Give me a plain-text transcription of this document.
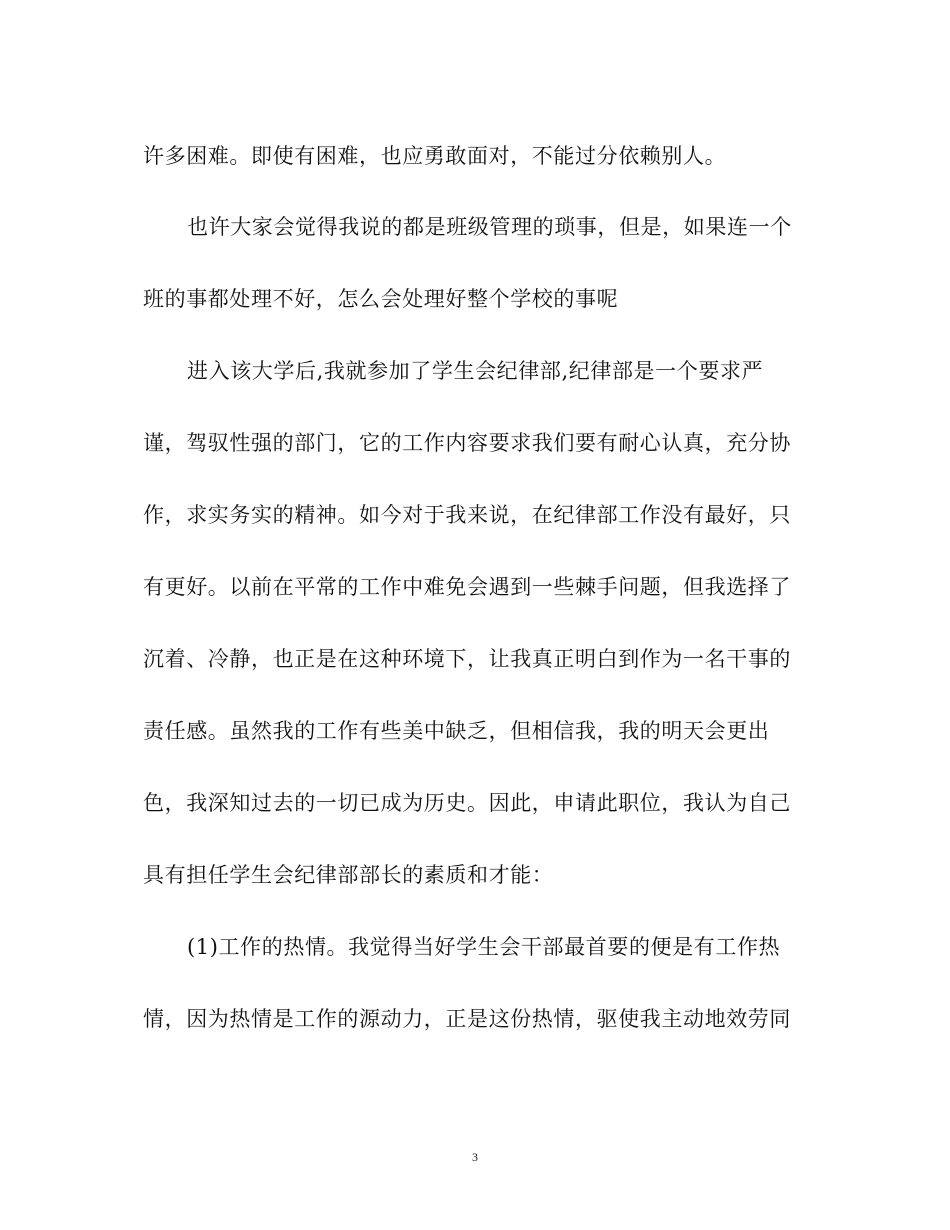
许多困难。即使有困难，也应勇敢面对，不能过分依赖别人。
也许大家会觉得我说的都是班级管理的琐事，但是，如果连一个
班的事都处理不好，怎么会处理好整个学校的事呢
进入该大学后,我就参加了学生会纪律部,纪律部是一个要求严
谨，驾驭性强的部门，它的工作内容要求我们要有耐心认真，充分协
作，求实务实的精神。如今对于我来说，在纪律部工作没有最好，只
有更好。以前在平常的工作中难免会遇到一些棘手问题，但我选择了
沉着、冷静，也正是在这种环境下，让我真正明白到作为一名干事的
责任感。虽然我的工作有些美中缺乏，但相信我，我的明天会更出
色，我深知过去的一切已成为历史。因此，申请此职位，我认为自己
具有担任学生会纪律部部长的素质和才能：
(1)工作的热情。我觉得当好学生会干部最首要的便是有工作热
情，因为热情是工作的源动力，正是这份热情，驱使我主动地效劳同
3
